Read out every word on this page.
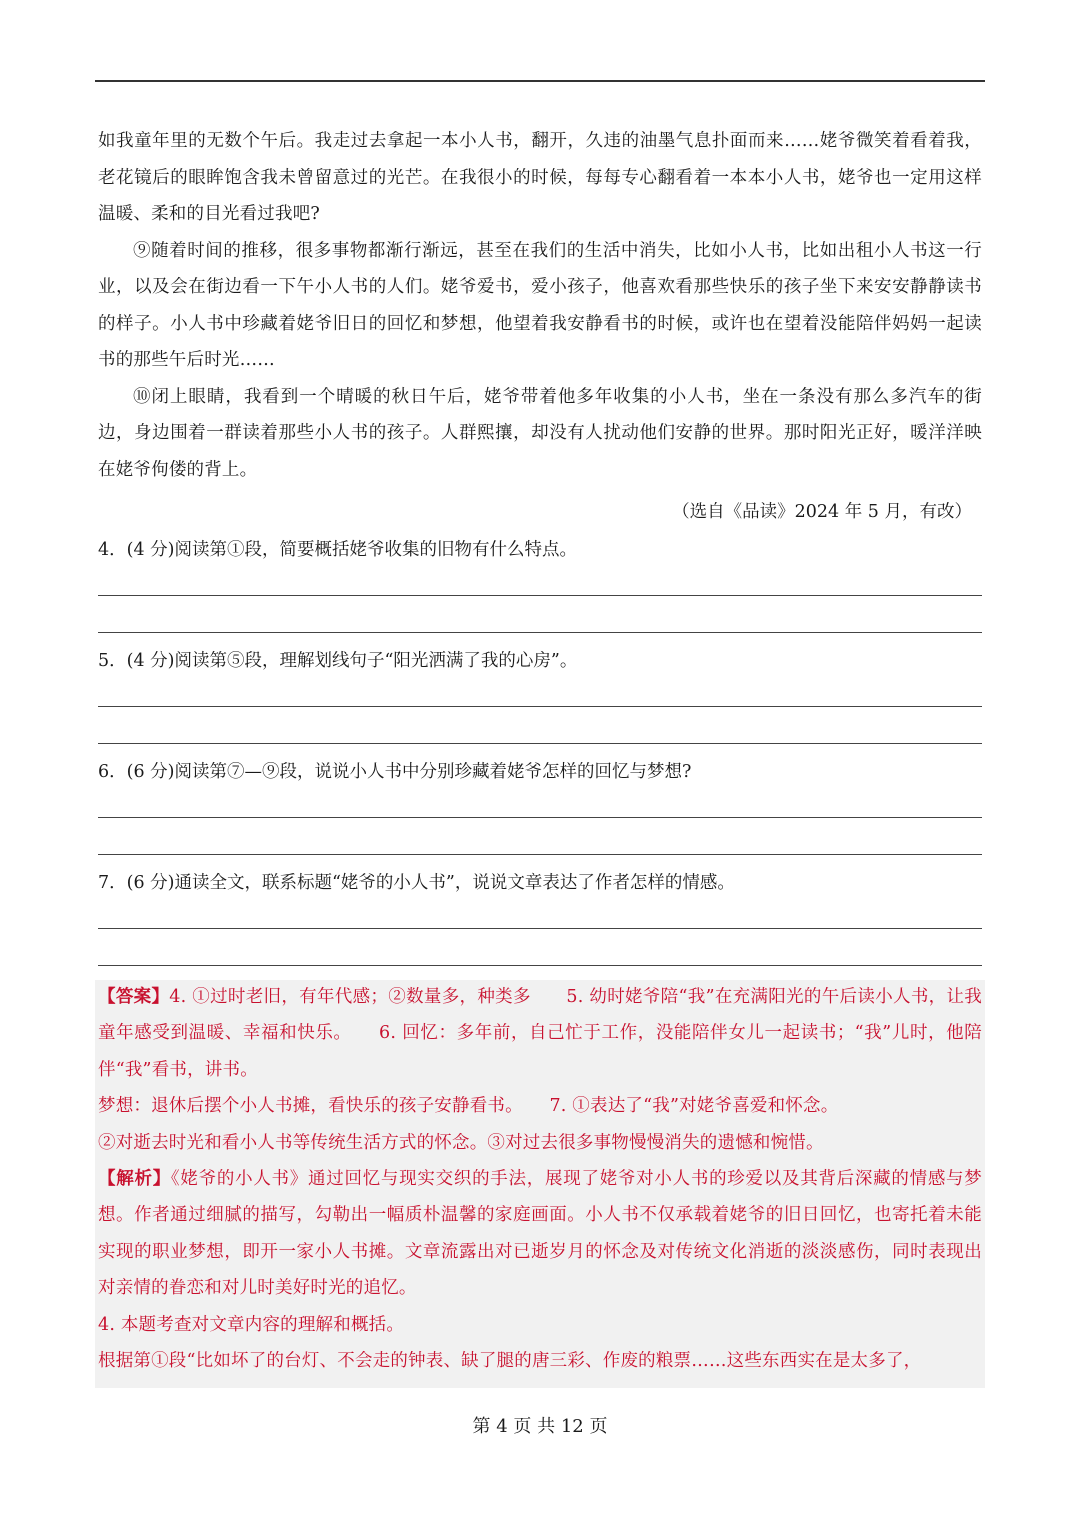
如我童年里的无数个午后。我走过去拿起一本小人书，翻开，久违的油墨气息扑面而来……姥爷微笑着看着我，老花镜后的眼眸饱含我未曾留意过的光芒。在我很小的时候，每每专心翻看着一本本小人书，姥爷也一定用这样温暖、柔和的目光看过我吧?

⑨随着时间的推移，很多事物都渐行渐远，甚至在我们的生活中消失，比如小人书，比如出租小人书这一行业，以及会在街边看一下午小人书的人们。姥爷爱书，爱小孩子，他喜欢看那些快乐的孩子坐下来安安静静读书的样子。小人书中珍藏着姥爷旧日的回忆和梦想，他望着我安静看书的时候，或许也在望着没能陪伴妈妈一起读书的那些午后时光……

⑩闭上眼睛，我看到一个晴暖的秋日午后，姥爷带着他多年收集的小人书，坐在一条没有那么多汽车的街边，身边围着一群读着那些小人书的孩子。人群熙攘，却没有人扰动他们安静的世界。那时阳光正好，暖洋洋映在姥爷佝偻的背上。

（选自《品读》2024 年 5 月，有改）
4．(4 分)阅读第①段，简要概括姥爷收集的旧物有什么特点。
5．(4 分)阅读第⑤段，理解划线句子“阳光洒满了我的心房”。
6．(6 分)阅读第⑦—⑨段，说说小人书中分别珍藏着姥爷怎样的回忆与梦想?
7．(6 分)通读全文，联系标题“姥爷的小人书”，说说文章表达了作者怎样的情感。

【答案】4. ①过时老旧，有年代感；②数量多，种类多　　5. 幼时姥爷陪“我”在充满阳光的午后读小人书，让我童年感受到温暖、幸福和快乐。　　6. 回忆：多年前，自己忙于工作，没能陪伴女儿一起读书；“我”儿时，他陪伴“我”看书，讲书。

梦想：退休后摆个小人书摊，看快乐的孩子安静看书。　　7. ①表达了“我”对姥爷喜爱和怀念。

②对逝去时光和看小人书等传统生活方式的怀念。③对过去很多事物慢慢消失的遗憾和惋惜。

【解析】《姥爷的小人书》通过回忆与现实交织的手法，展现了姥爷对小人书的珍爱以及其背后深藏的情感与梦想。作者通过细腻的描写，勾勒出一幅质朴温馨的家庭画面。小人书不仅承载着姥爷的旧日回忆，也寄托着未能实现的职业梦想，即开一家小人书摊。文章流露出对已逝岁月的怀念及对传统文化消逝的淡淡感伤，同时表现出对亲情的眷恋和对儿时美好时光的追忆。

4. 本题考查对文章内容的理解和概括。

根据第①段“比如坏了的台灯、不会走的钟表、缺了腿的唐三彩、作废的粮票……这些东西实在是太多了，

第 4 页 共 12 页
